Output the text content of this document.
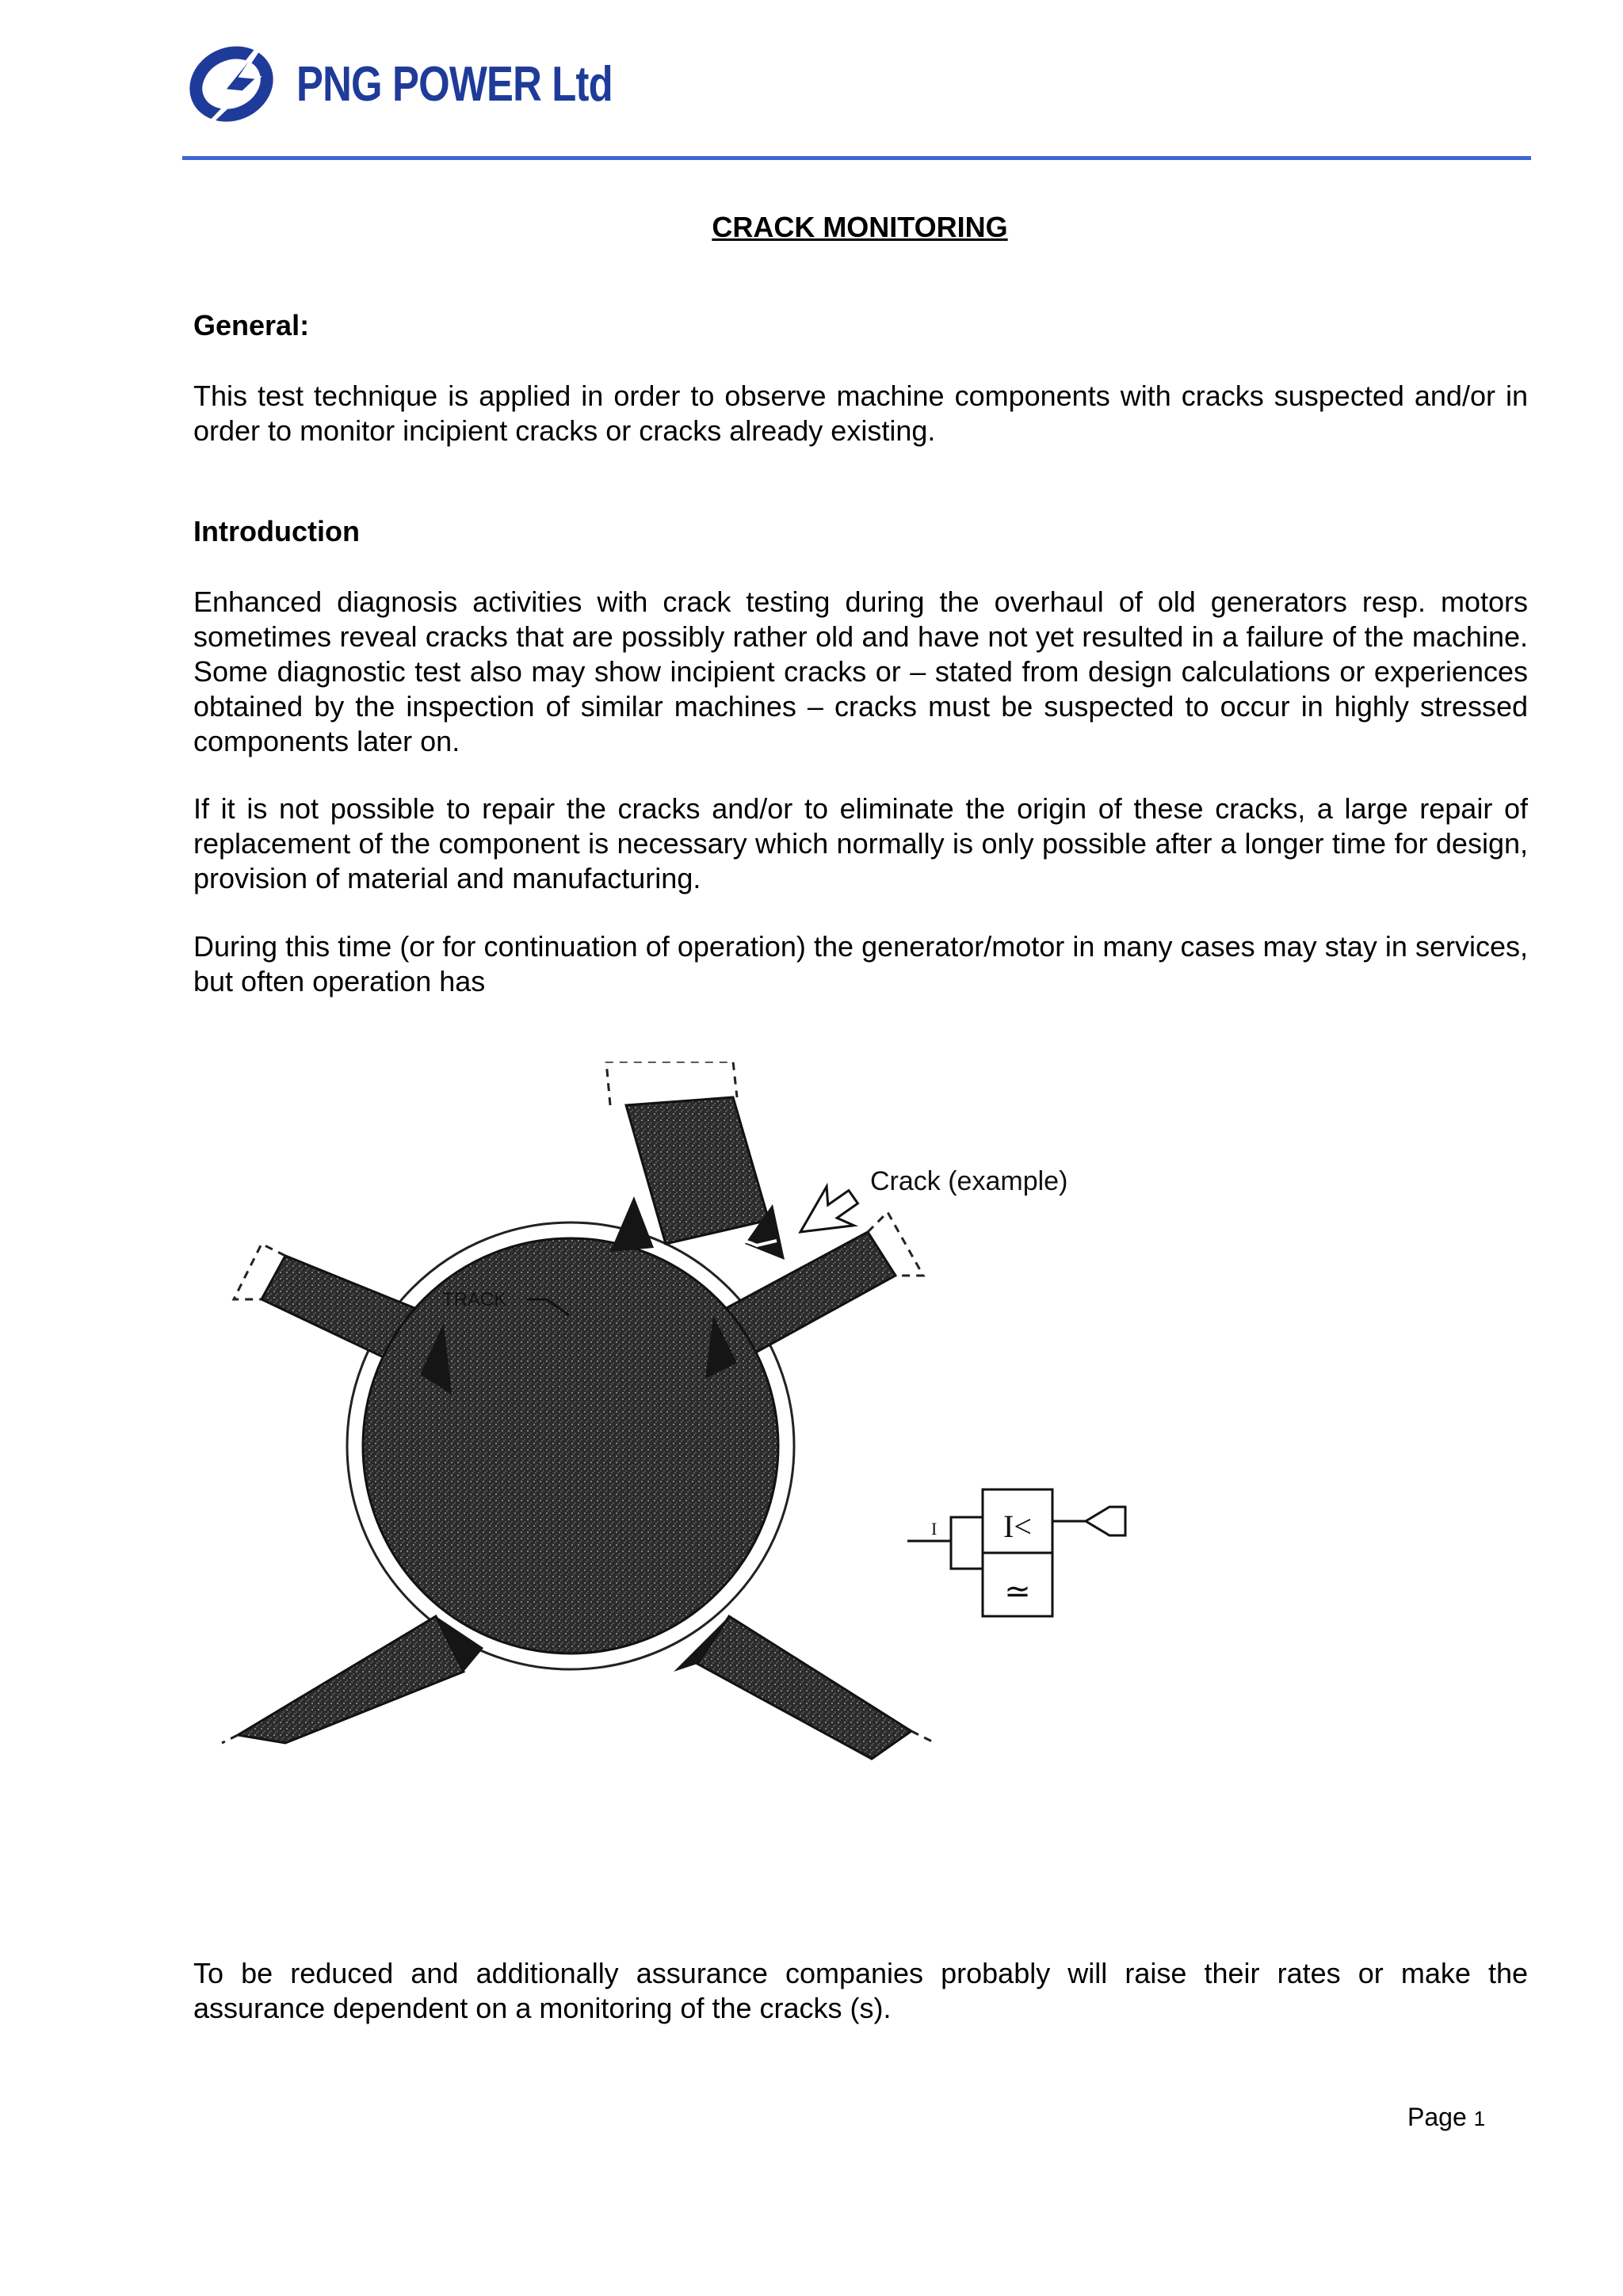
PNG POWER Ltd
CRACK MONITORING
General:
This test technique is applied in order to observe machine components with cracks suspected and/or in order to monitor incipient cracks or cracks already existing.
Introduction
Enhanced diagnosis activities with crack testing during the overhaul of old generators resp. motors sometimes reveal cracks that are possibly rather old and have not yet resulted in a failure of the machine. Some diagnostic test also may show incipient cracks or – stated from design calculations or experiences obtained by the inspection of similar machines – cracks must be suspected to occur in highly stressed components later on.
If it is not possible to repair the cracks and/or to eliminate the origin of these cracks, a large repair of replacement of the component is necessary which normally is only possible after a longer time for design, provision of material and manufacturing.
During this time (or for continuation of operation) the generator/motor in many cases may stay in services, but often operation has
Crack (example)
TRACK
I<
≃
I
To be reduced and additionally assurance companies probably will raise their rates or make the assurance dependent on a monitoring of the cracks (s).
Page 1
